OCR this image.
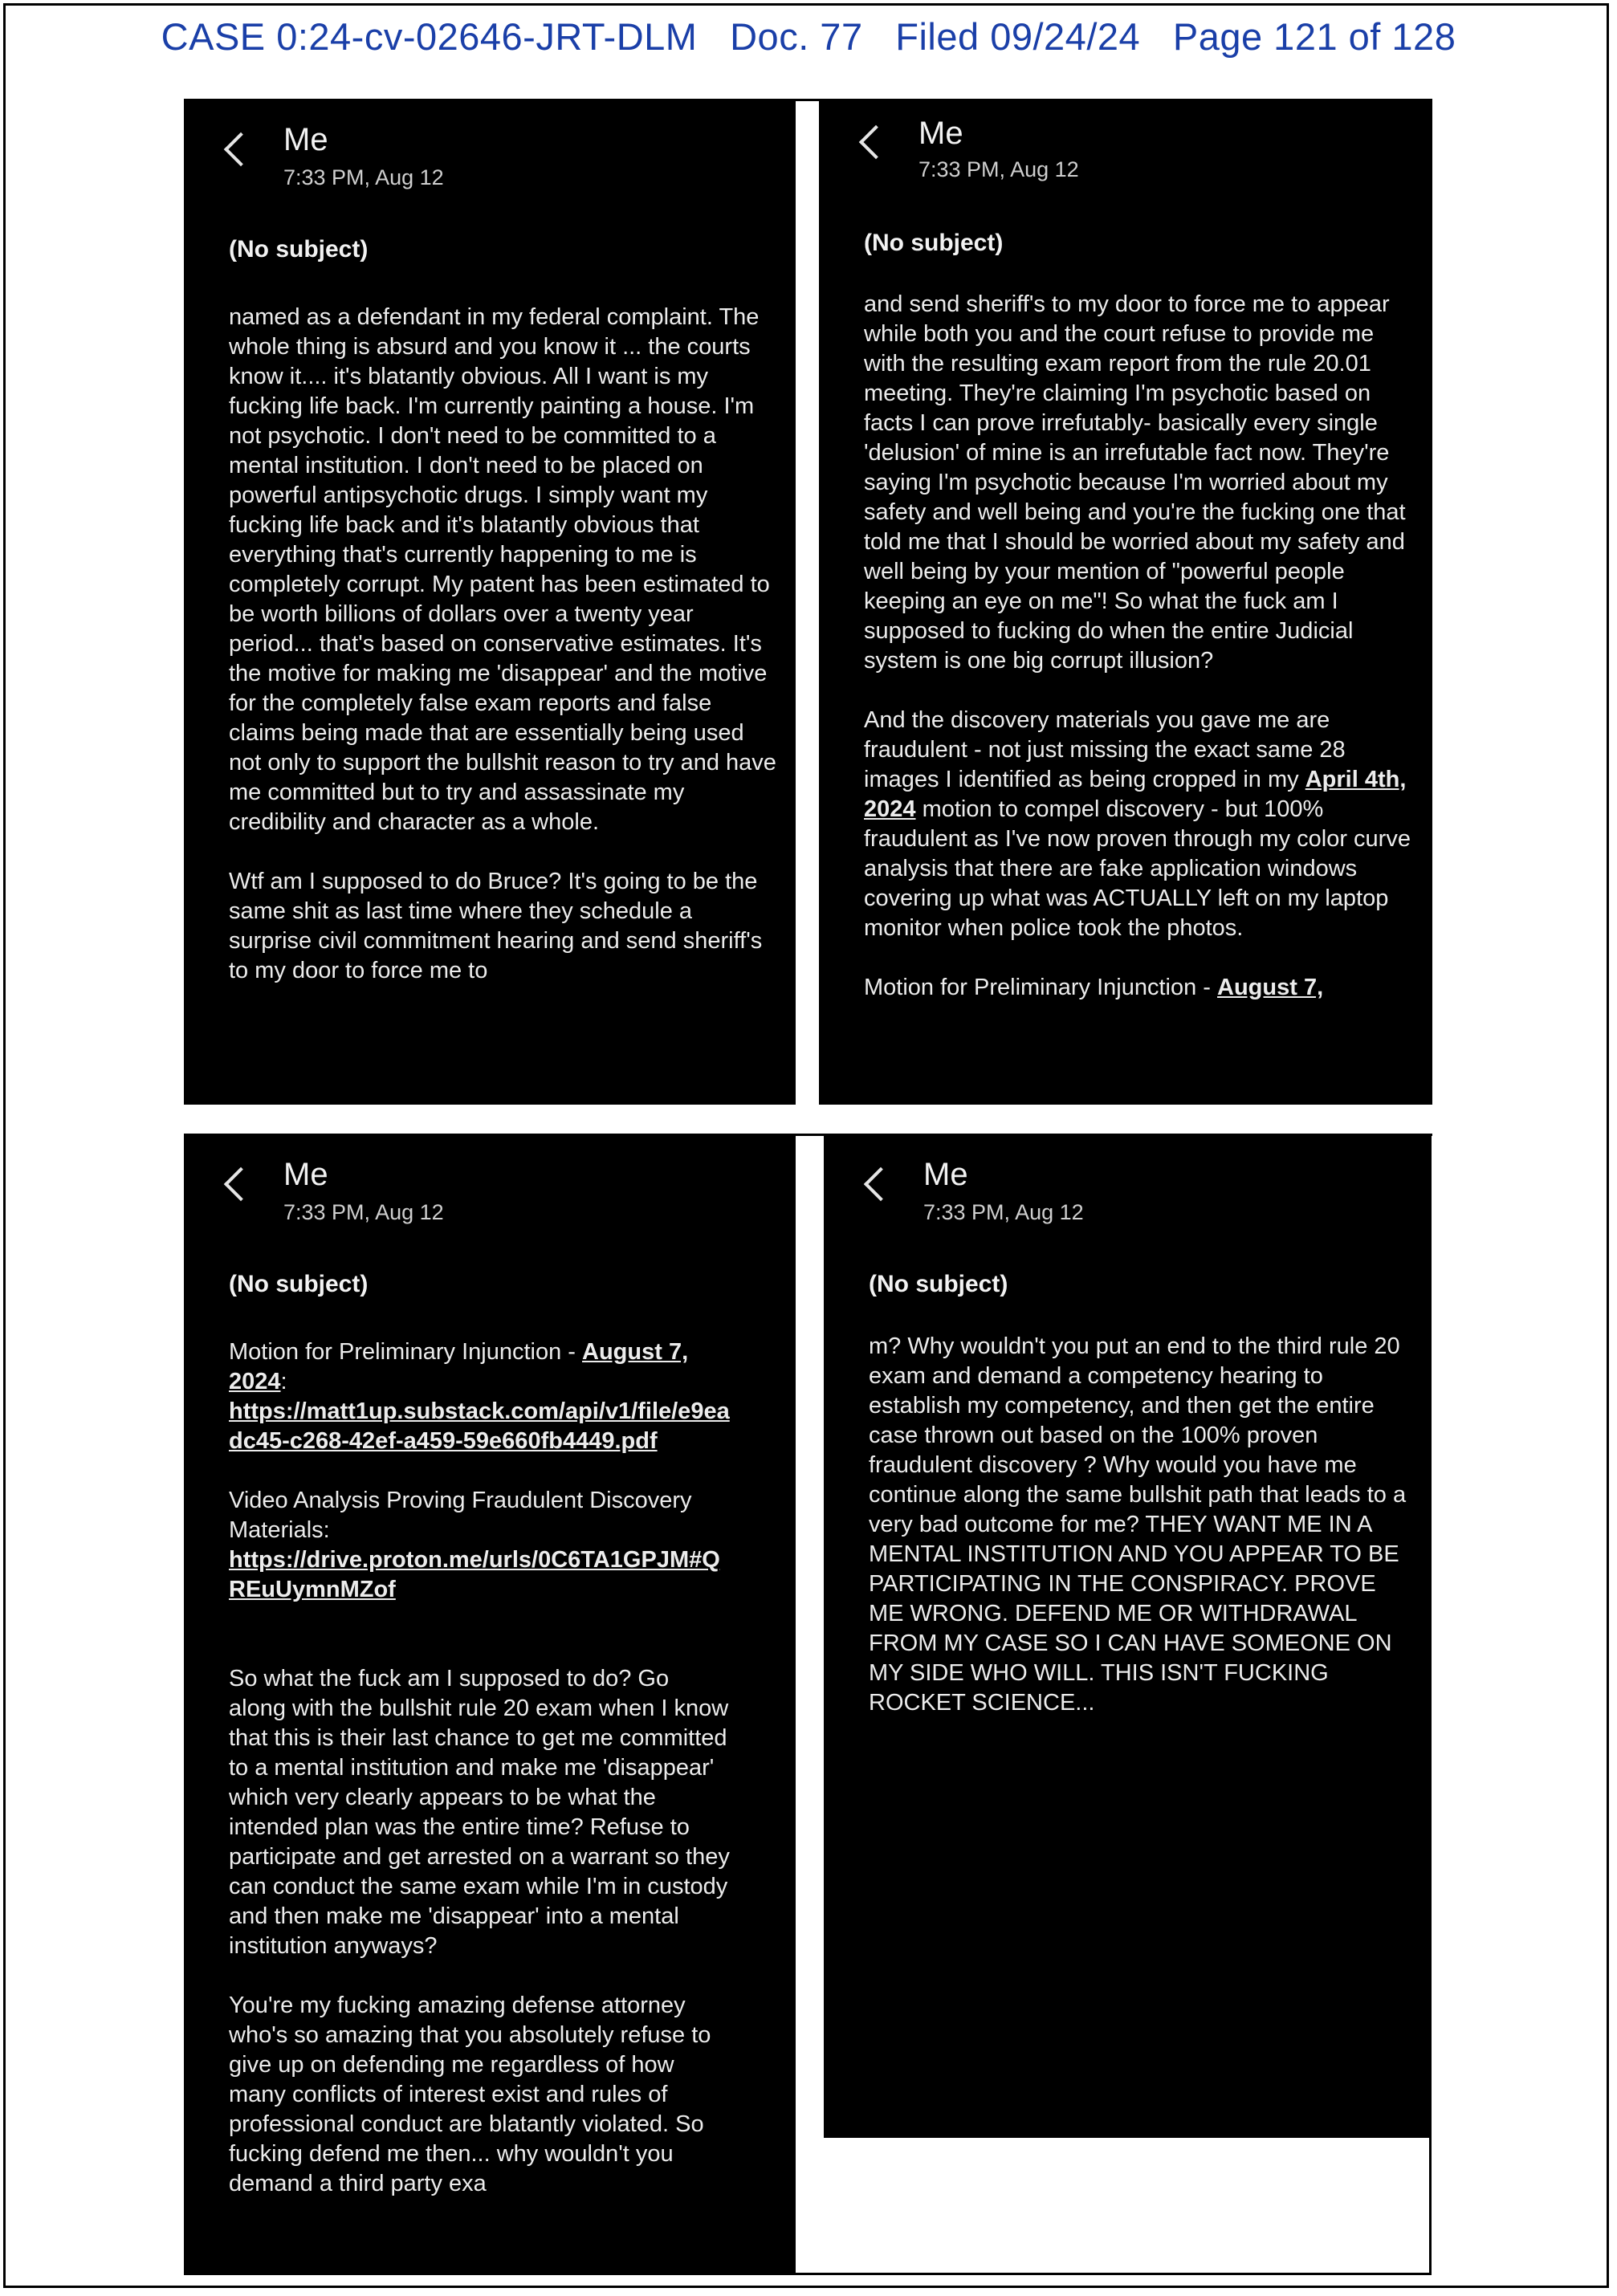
CASE 0:24-cv-02646-JRT-DLM Doc. 77 Filed 09/24/24 Page 121 of 128
Me
7:33 PM, Aug 12
(No subject)

named as a defendant in my federal complaint. The whole thing is absurd and you know it ... the courts know it.... it's blatantly obvious. All I want is my fucking life back. I'm currently painting a house. I'm not psychotic. I don't need to be committed to a mental institution. I don't need to be placed on powerful antipsychotic drugs. I simply want my fucking life back and it's blatantly obvious that everything that's currently happening to me is completely corrupt. My patent has been estimated to be worth billions of dollars over a twenty year period... that's based on conservative estimates. It's the motive for making me 'disappear' and the motive for the completely false exam reports and false claims being made that are essentially being used not only to support the bullshit reason to try and have me committed but to try and assassinate my credibility and character as a whole.

Wtf am I supposed to do Bruce? It's going to be the same shit as last time where they schedule a surprise civil commitment hearing and send sheriff's to my door to force me to

Me
7:33 PM, Aug 12
(No subject)

and send sheriff's to my door to force me to appear while both you and the court refuse to provide me with the resulting exam report from the rule 20.01 meeting. They're claiming I'm psychotic based on facts I can prove irrefutably- basically every single 'delusion' of mine is an irrefutable fact now. They're saying I'm psychotic because I'm worried about my safety and well being and you're the fucking one that told me that I should be worried about my safety and well being by your mention of "powerful people keeping an eye on me"! So what the fuck am I supposed to fucking do when the entire Judicial system is one big corrupt illusion?

And the discovery materials you gave me are fraudulent - not just missing the exact same 28 images I identified as being cropped in my April 4th, 2024 motion to compel discovery - but 100% fraudulent as I've now proven through my color curve analysis that there are fake application windows covering up what was ACTUALLY left on my laptop monitor when police took the photos.

Motion for Preliminary Injunction - August 7,

Me
7:33 PM, Aug 12
(No subject)

Motion for Preliminary Injunction - August 7, 2024:
https://matt1up.substack.com/api/v1/file/e9eadc45-c268-42ef-a459-59e660fb4449.pdf

Video Analysis Proving Fraudulent Discovery Materials:
https://drive.proton.me/urls/0C6TA1GPJM#QREuUymnMZof

So what the fuck am I supposed to do? Go along with the bullshit rule 20 exam when I know that this is their last chance to get me committed to a mental institution and make me 'disappear' which very clearly appears to be what the intended plan was the entire time? Refuse to participate and get arrested on a warrant so they can conduct the same exam while I'm in custody and then make me 'disappear' into a mental institution anyways?

You're my fucking amazing defense attorney who's so amazing that you absolutely refuse to give up on defending me regardless of how many conflicts of interest exist and rules of professional conduct are blatantly violated. So fucking defend me then... why wouldn't you demand a third party exa

Me
7:33 PM, Aug 12
(No subject)

m? Why wouldn't you put an end to the third rule 20 exam and demand a competency hearing to establish my competency, and then get the entire case thrown out based on the 100% proven fraudulent discovery ? Why would you have me continue along the same bullshit path that leads to a very bad outcome for me? THEY WANT ME IN A MENTAL INSTITUTION AND YOU APPEAR TO BE PARTICIPATING IN THE CONSPIRACY. PROVE ME WRONG. DEFEND ME OR WITHDRAWAL FROM MY CASE SO I CAN HAVE SOMEONE ON MY SIDE WHO WILL. THIS ISN'T FUCKING ROCKET SCIENCE...
